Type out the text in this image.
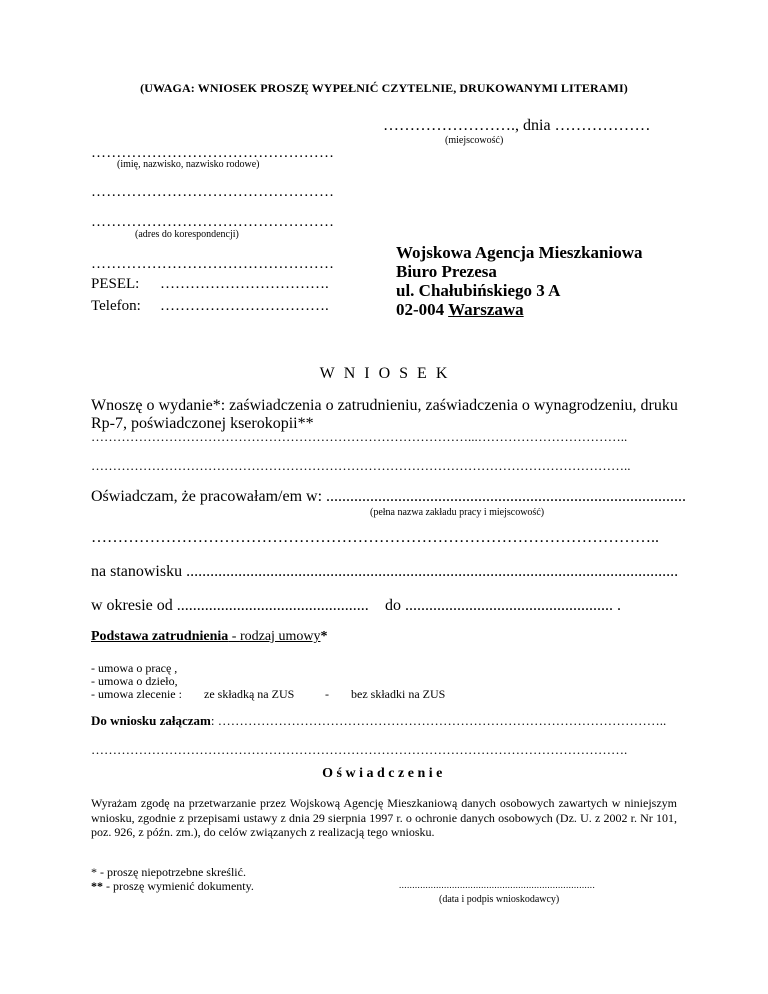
(UWAGA: WNIOSEK PROSZĘ WYPEŁNIĆ CZYTELNIE, DRUKOWANYMI LITERAMI)
……………………., dnia ………………
(miejscowość)
…………………………………………
(imię, nazwisko, nazwisko rodowe)
…………………………………………
…………………………………………
(adres do korespondencji)
…………………………………………
PESEL: …………………………….
Telefon: …………………………….
Wojskowa Agencja Mieszkaniowa
Biuro Prezesa
ul. Chałubińskiego 3 A
02-004 Warszawa
WNIOSEK
Wnoszę o wydanie*: zaświadczenia o zatrudnieniu, zaświadczenia o wynagrodzeniu, druku Rp-7, poświadczonej kserokopii**
……………………………………………………………………………...……………………………..
……………………………………………………………………………………………………………..
Oświadczam, że pracowałam/em w: ..........................................................................................
(pełna nazwa zakładu pracy i miejscowość)
……………………………………………………………………………………………..
na stanowisku ...........................................................................................................................
w okresie od ................................................ do .................................................... .
Podstawa zatrudnienia - rodzaj umowy*
- umowa o pracę ,
- umowa o dzieło,
- umowa zlecenie : ze składką na ZUS	- bez składki na ZUS
Do wniosku załączam: …………………………………………………………………………………………..
…………………………………………………………………………………………………………….
Oświadczenie
Wyrażam zgodę na przetwarzanie przez Wojskową Agencję Mieszkaniową danych osobowych zawartych w niniejszym wniosku, zgodnie z przepisami ustawy z dnia 29 sierpnia 1997 r. o ochronie danych osobowych (Dz. U. z 2002 r. Nr 101, poz. 926, z późn. zm.), do celów związanych z realizacją tego wniosku.
* - proszę niepotrzebne skreślić.
** - proszę wymienić dokumenty.	..........................................................................
(data i podpis wnioskodawcy)
